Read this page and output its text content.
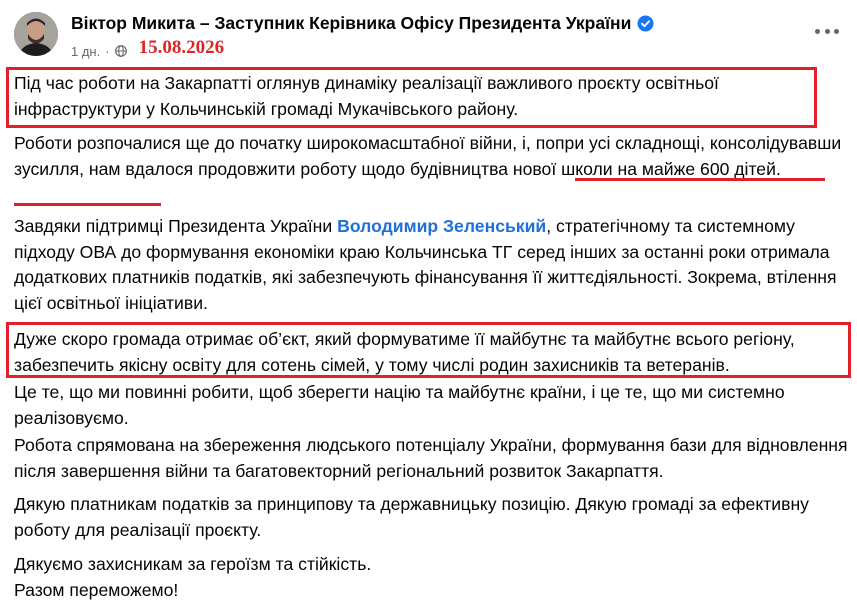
Віктор Микита – Заступник Керівника Офісу Президента України
1 дн. · 15.08.2026
Під час роботи на Закарпатті оглянув динаміку реалізації важливого проєкту освітньої інфраструктури у Кольчинській громаді Мукачівського району.
Роботи розпочалися ще до початку широкомасштабної війни, і, попри усі складнощі, консолідувавши зусилля, нам вдалося продовжити роботу щодо будівництва нової школи на майже 600 дітей.
Завдяки підтримці Президента України Володимир Зеленський, стратегічному та системному підходу ОВА до формування економіки краю Кольчинська ТГ серед інших за останні роки отримала додаткових платників податків, які забезпечують фінансування її життєдіяльності. Зокрема, втілення цієї освітньої ініціативи.
Дуже скоро громада отримає об’єкт, який формуватиме її майбутнє та майбутнє всього регіону, забезпечить якісну освіту для сотень сімей, у тому числі родин захисників та ветеранів.
Це те, що ми повинні робити, щоб зберегти націю та майбутнє країни, і це те, що ми системно реалізовуємо.
Робота спрямована на збереження людського потенціалу України, формування бази для відновлення після завершення війни та багатовекторний регіональний розвиток Закарпаття.
Дякую платникам податків за принципову та державницьку позицію. Дякую громаді за ефективну роботу для реалізації проєкту.
Дякуємо захисникам за героїзм та стійкість.
Разом переможемо!
